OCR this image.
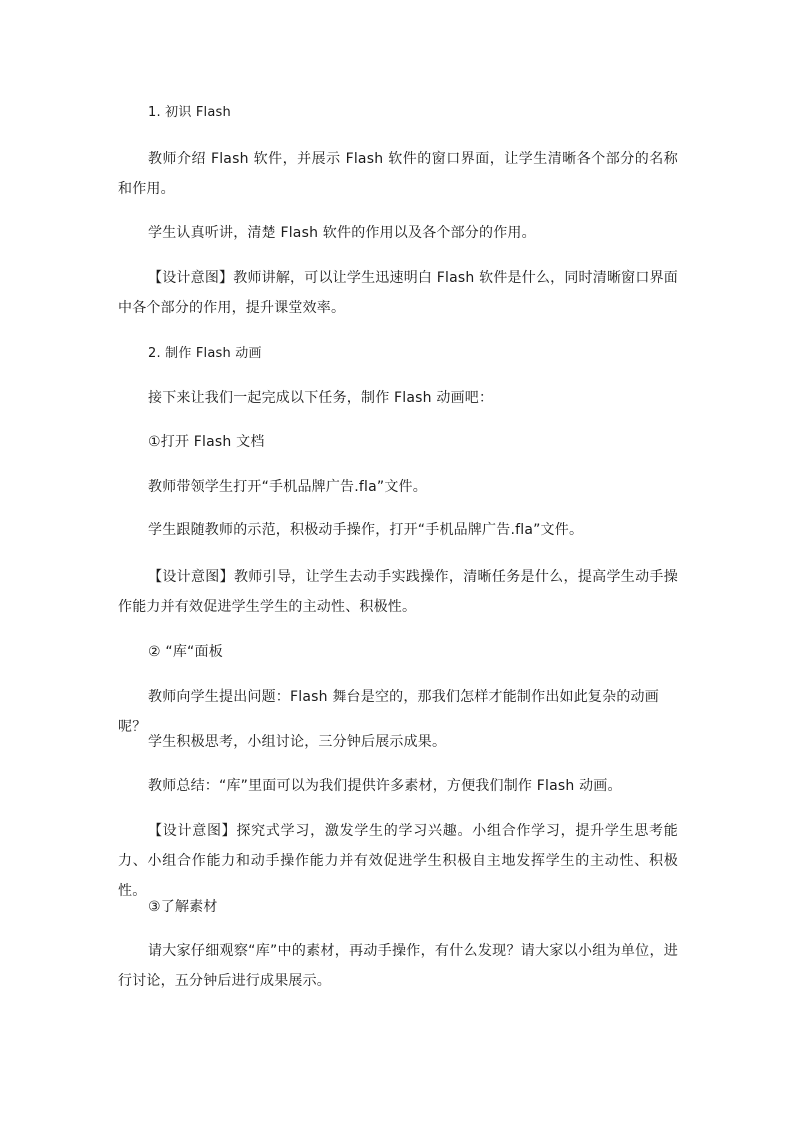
1. 初识 Flash
教师介绍 Flash 软件，并展示 Flash 软件的窗口界面，让学生清晰各个部分的名称和作用。
学生认真听讲，清楚 Flash 软件的作用以及各个部分的作用。
【设计意图】教师讲解，可以让学生迅速明白 Flash 软件是什么，同时清晰窗口界面中各个部分的作用，提升课堂效率。
2. 制作 Flash 动画
接下来让我们一起完成以下任务，制作 Flash 动画吧：
①打开 Flash 文档
教师带领学生打开“手机品牌广告.fla”文件。
学生跟随教师的示范，积极动手操作，打开“手机品牌广告.fla”文件。
【设计意图】教师引导，让学生去动手实践操作，清晰任务是什么，提高学生动手操作能力并有效促进学生学生的主动性、积极性。
② “库“面板
教师向学生提出问题：Flash 舞台是空的，那我们怎样才能制作出如此复杂的动画呢？
学生积极思考，小组讨论，三分钟后展示成果。
教师总结：“库”里面可以为我们提供许多素材，方便我们制作 Flash 动画。
【设计意图】探究式学习，激发学生的学习兴趣。小组合作学习，提升学生思考能力、小组合作能力和动手操作能力并有效促进学生积极自主地发挥学生的主动性、积极性。
③了解素材
请大家仔细观察“库”中的素材，再动手操作，有什么发现？请大家以小组为单位，进行讨论，五分钟后进行成果展示。
